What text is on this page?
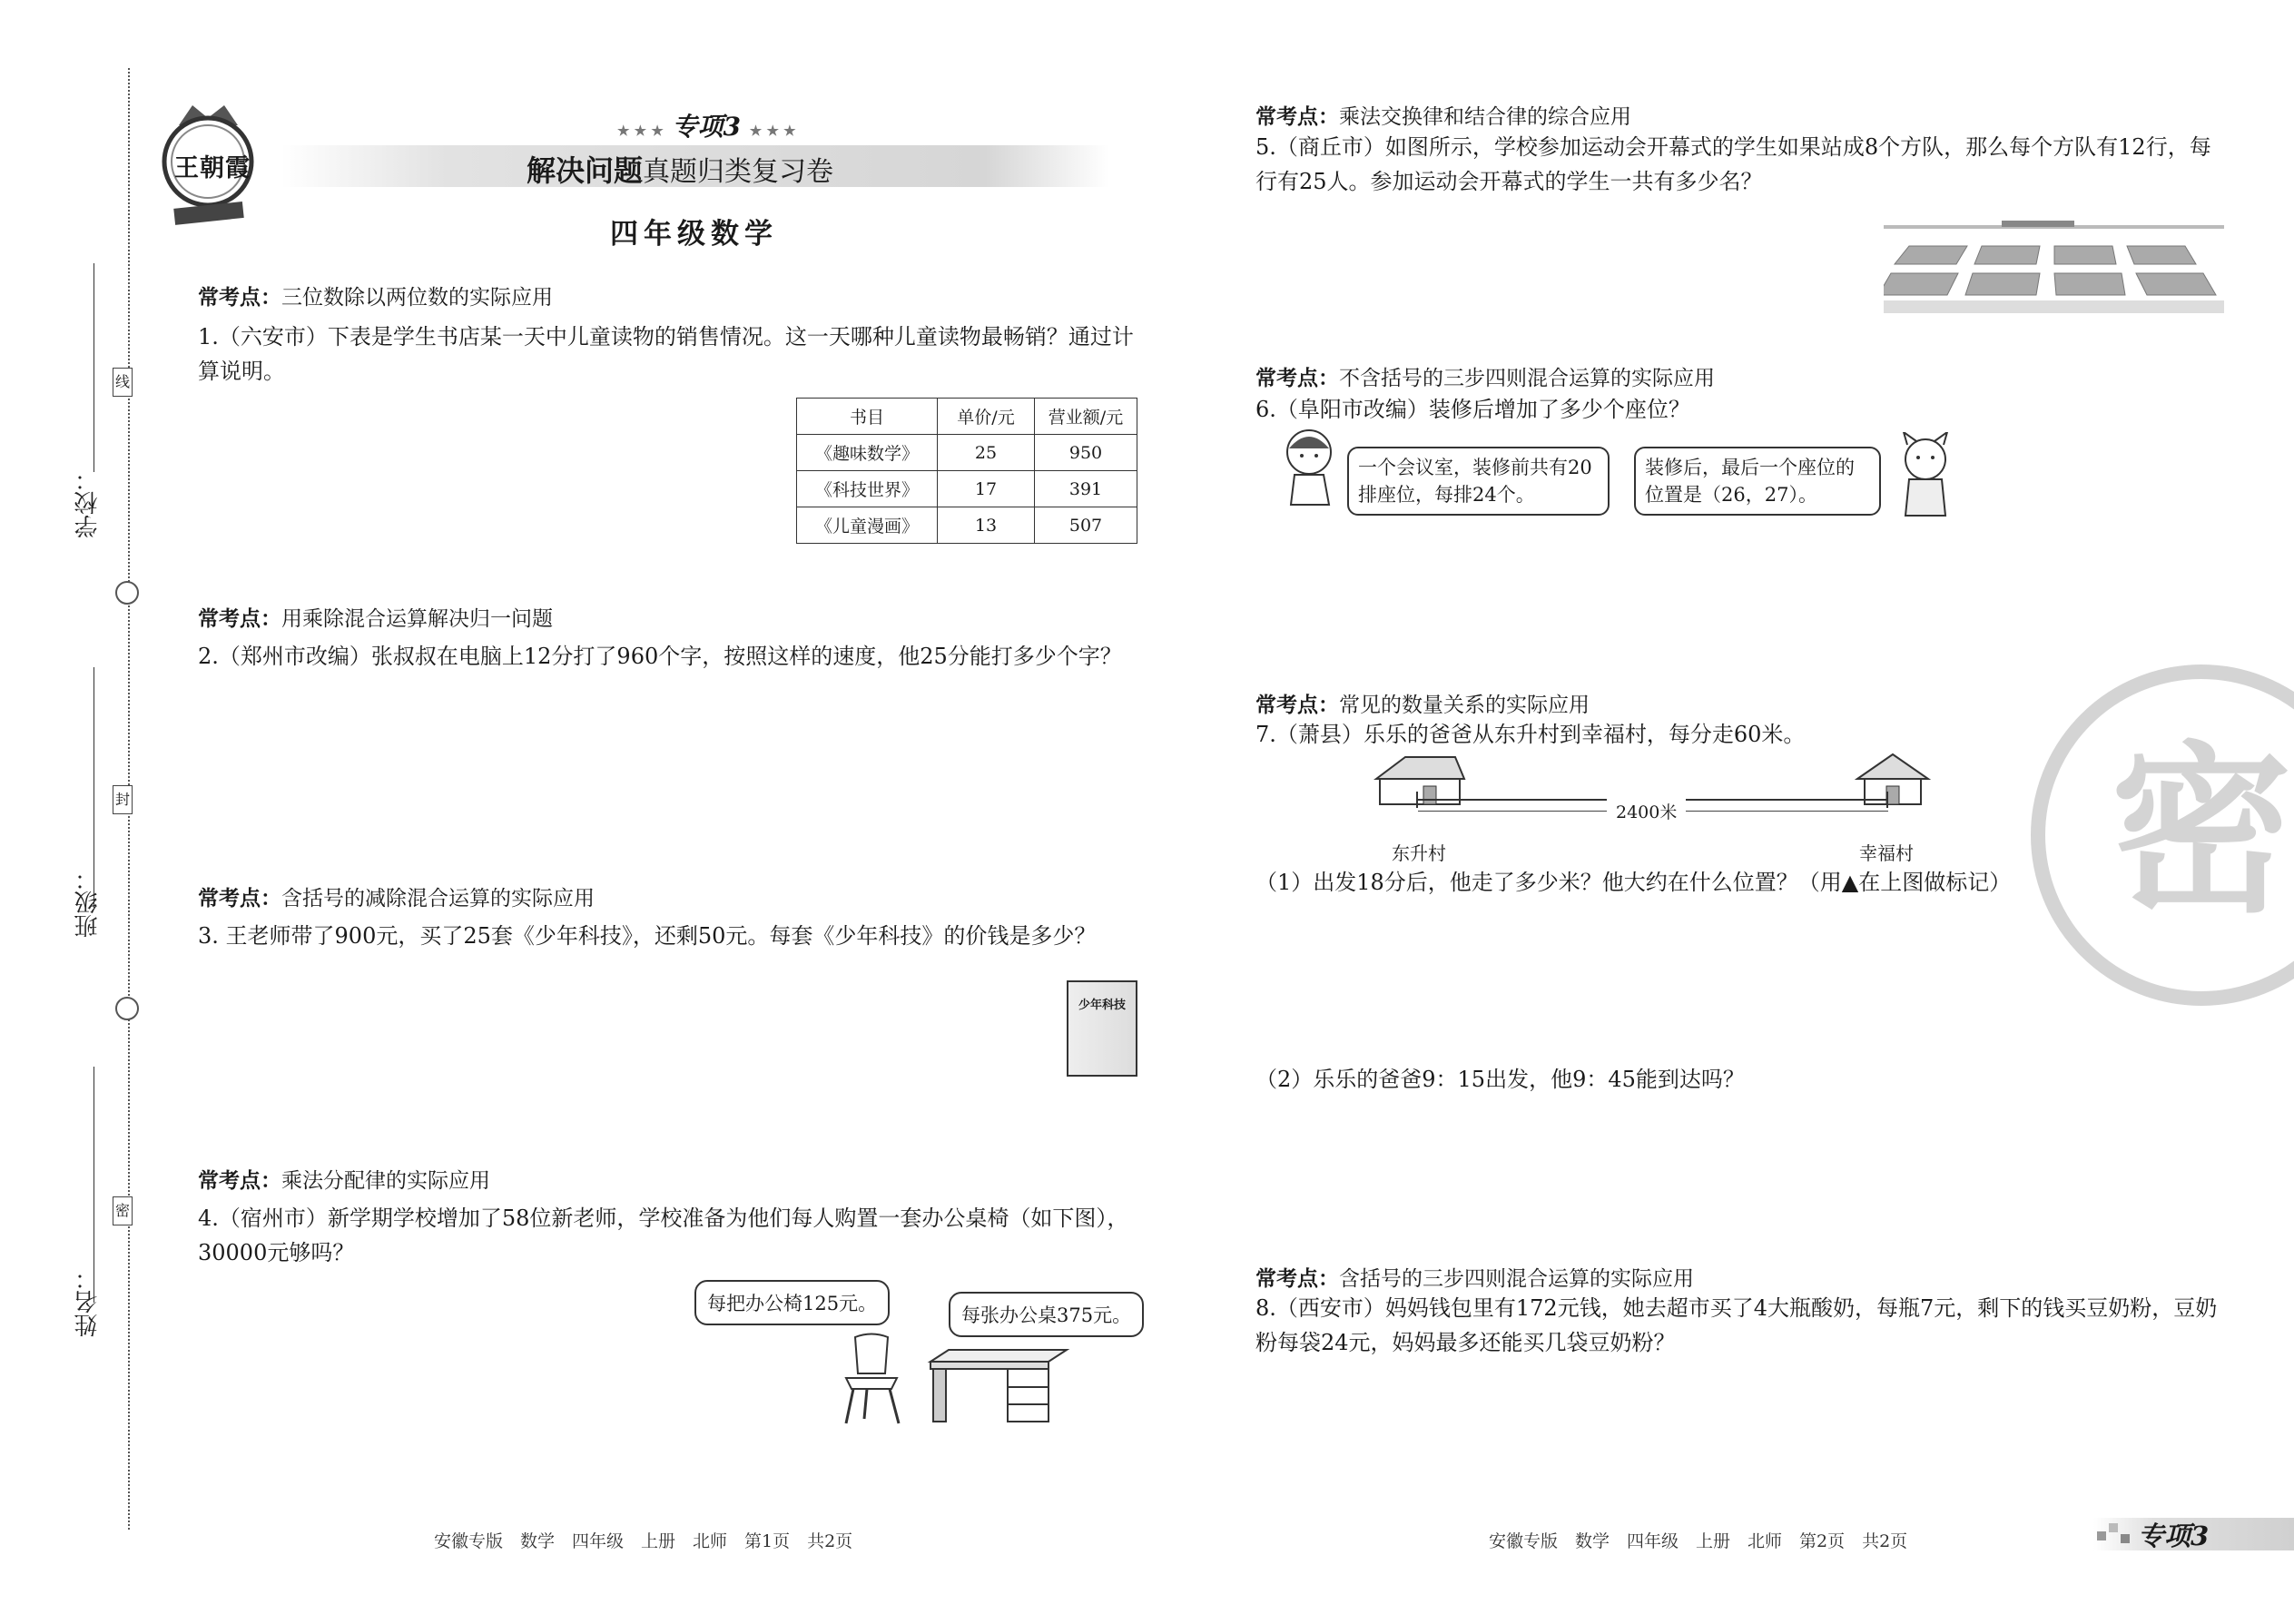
学校：
班级：
姓名：
线
封
密
王朝霞
★ ★ ★ 专项3 ★ ★ ★
解决问题真题归类复习卷
四年级数学
常考点：三位数除以两位数的实际应用
1.（六安市）下表是学生书店某一天中儿童读物的销售情况。这一天哪种儿童读物最畅销？通过计算说明。
书目	单价/元	营业额/元
《趣味数学》	25	950
《科技世界》	17	391
《儿童漫画》	13	507
常考点：用乘除混合运算解决归一问题
2.（郑州市改编）张叔叔在电脑上12分打了960个字，按照这样的速度，他25分能打多少个字？
常考点：含括号的减除混合运算的实际应用
3. 王老师带了900元，买了25套《少年科技》，还剩50元。每套《少年科技》的价钱是多少？
少年科技
常考点：乘法分配律的实际应用
4.（宿州市）新学期学校增加了58位新老师，学校准备为他们每人购置一套办公桌椅（如下图），30000元够吗？
每把办公椅125元。
每张办公桌375元。
安徽专版　数学　四年级　上册　北师　第1页　共2页
常考点：乘法交换律和结合律的综合应用
5.（商丘市）如图所示，学校参加运动会开幕式的学生如果站成8个方队，那么每个方队有12行，每行有25人。参加运动会开幕式的学生一共有多少名？
常考点：不含括号的三步四则混合运算的实际应用
6.（阜阳市改编）装修后增加了多少个座位？
一个会议室，装修前共有20排座位，每排24个。
装修后，最后一个座位的位置是（26，27）。
常考点：常见的数量关系的实际应用
7.（萧县）乐乐的爸爸从东升村到幸福村，每分走60米。
2400米
东升村	幸福村
（1）出发18分后，他走了多少米？他大约在什么位置？（用▲在上图做标记）
（2）乐乐的爸爸9：15出发，他9：45能到达吗？
常考点：含括号的三步四则混合运算的实际应用
8.（西安市）妈妈钱包里有172元钱，她去超市买了4大瓶酸奶，每瓶7元，剩下的钱买豆奶粉，豆奶粉每袋24元，妈妈最多还能买几袋豆奶粉？
密
安徽专版　数学　四年级　上册　北师　第2页　共2页	专项3
